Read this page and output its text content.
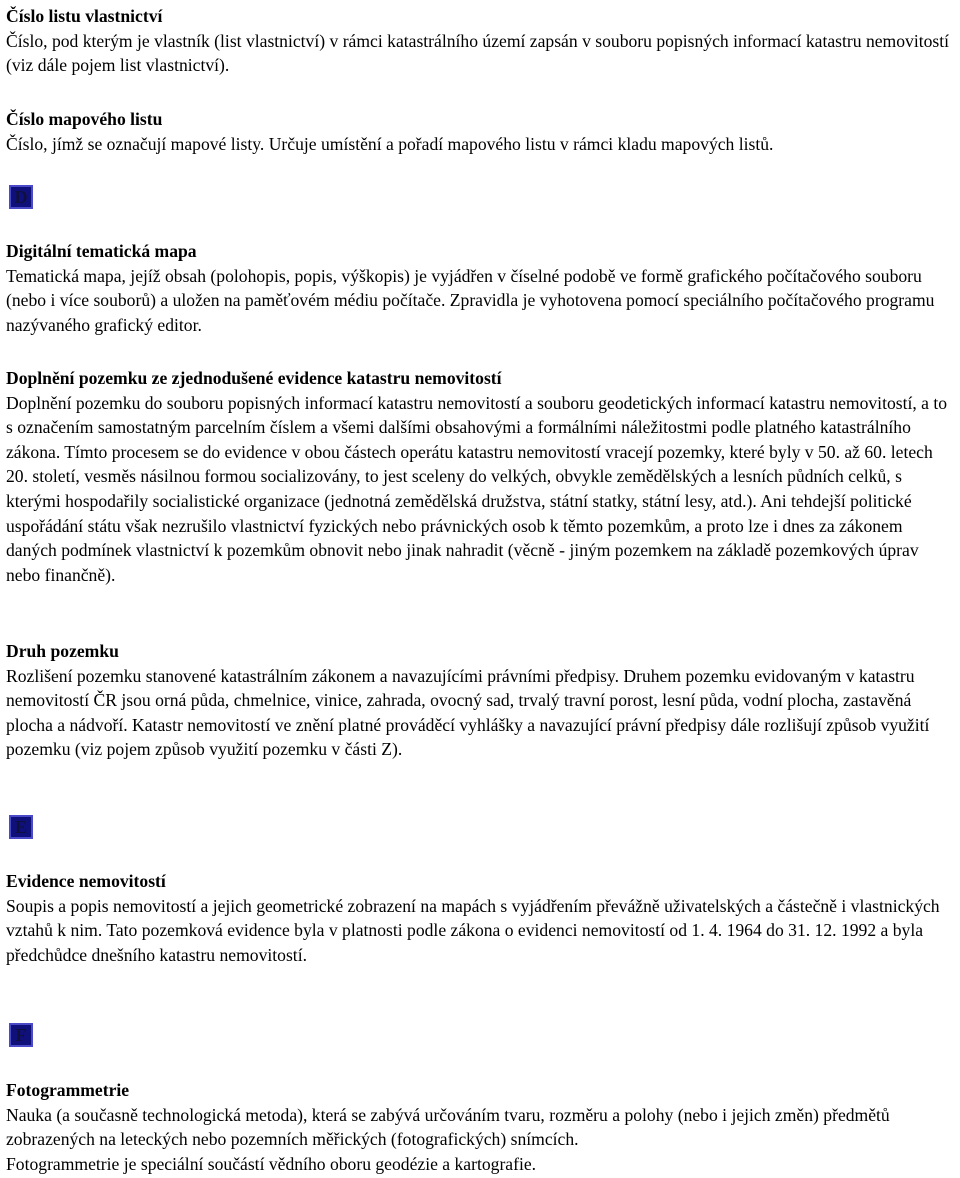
Číslo listu vlastnictví
Číslo, pod kterým je vlastník (list vlastnictví) v rámci katastrálního území zapsán v souboru popisných informací katastru nemovitostí (viz dále pojem list vlastnictví).
Číslo mapového listu
Číslo, jímž se označují mapové listy. Určuje umístění a pořadí mapového listu v rámci kladu mapových listů.
D
Digitální tematická mapa
Tematická mapa, jejíž obsah (polohopis, popis, výškopis) je vyjádřen v číselné podobě ve formě grafického počítačového souboru (nebo i více souborů) a uložen na paměťovém médiu počítače. Zpravidla je vyhotovena pomocí speciálního počítačového programu nazývaného grafický editor.
Doplnění pozemku ze zjednodušené evidence katastru nemovitostí
Doplnění pozemku do souboru popisných informací katastru nemovitostí a souboru geodetických informací katastru nemovitostí, a to s označením samostatným parcelním číslem a všemi dalšími obsahovými a formálními náležitostmi podle platného katastrálního zákona. Tímto procesem se do evidence v obou částech operátu katastru nemovitostí vracejí pozemky, které byly v 50. až 60. letech 20. století, vesměs násilnou formou socializovány, to jest sceleny do velkých, obvykle zemědělských a lesních půdních celků, s kterými hospodařily socialistické organizace (jednotná zemědělská družstva, státní statky, státní lesy, atd.). Ani tehdejší politické uspořádání státu však nezrušilo vlastnictví fyzických nebo právnických osob k těmto pozemkům, a proto lze i dnes za zákonem daných podmínek vlastnictví k pozemkům obnovit nebo jinak nahradit (věcně - jiným pozemkem na základě pozemkových úprav nebo finančně).
Druh pozemku
Rozlišení pozemku stanovené katastrálním zákonem a navazujícími právními předpisy. Druhem pozemku evidovaným v katastru nemovitostí ČR jsou orná půda, chmelnice, vinice, zahrada, ovocný sad, trvalý travní porost, lesní půda, vodní plocha, zastavěná plocha a nádvoří. Katastr nemovitostí ve znění platné prováděcí vyhlášky a navazující právní předpisy dále rozlišují způsob využití pozemku (viz pojem způsob využití pozemku v části Z).
E
Evidence nemovitostí
Soupis a popis nemovitostí a jejich geometrické zobrazení na mapách s vyjádřením převážně uživatelských a částečně i vlastnických vztahů k nim. Tato pozemková evidence byla v platnosti podle zákona o evidenci nemovitostí od 1. 4. 1964 do 31. 12. 1992 a byla předchůdce dnešního katastru nemovitostí.
F
Fotogrammetrie
Nauka (a současně technologická metoda), která se zabývá určováním tvaru, rozměru a polohy (nebo i jejich změn) předmětů zobrazených na leteckých nebo pozemních měřických (fotografických) snímcích.
Fotogrammetrie je speciální součástí vědního oboru geodézie a kartografie.
